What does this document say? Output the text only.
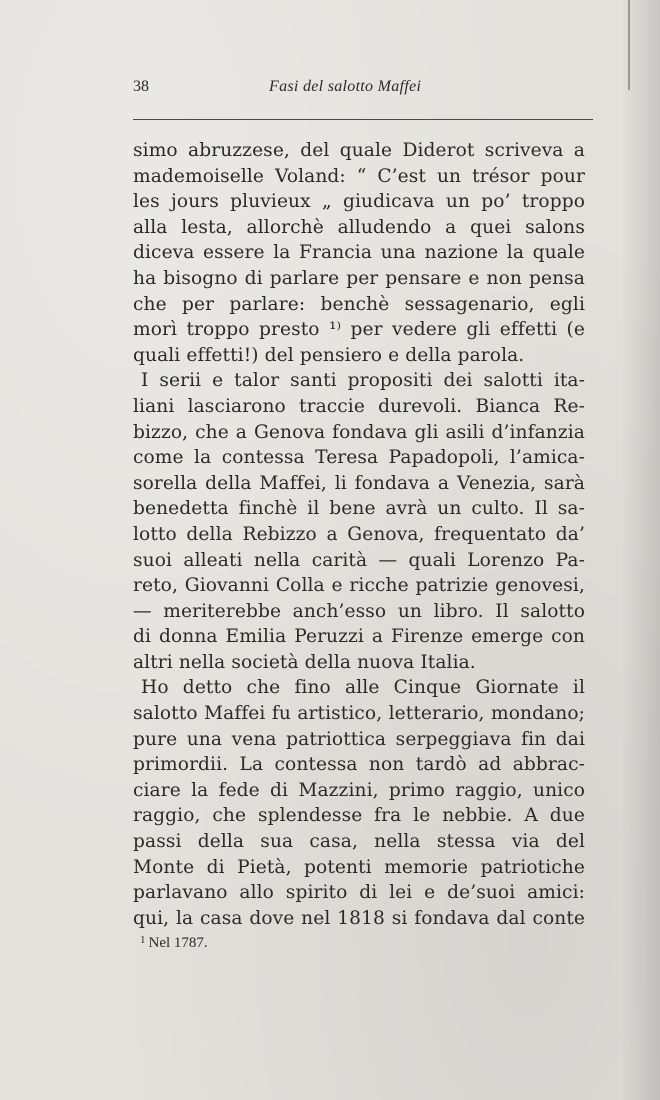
38	Fasi del salotto Maffei
simo abruzzese, del quale Diderot scriveva a
mademoiselle Voland: “ C’est un trésor pour
les jours pluvieux „ giudicava un po’ troppo
alla lesta, allorchè alludendo a quei salons
diceva essere la Francia una nazione la quale
ha bisogno di parlare per pensare e non pensa
che per parlare: benchè sessagenario, egli
morì troppo presto ¹⁾ per vedere gli effetti (e
quali effetti!) del pensiero e della parola.
I serii e talor santi propositi dei salotti ita-
liani lasciarono traccie durevoli. Bianca Re-
bizzo, che a Genova fondava gli asili d’infanzia
come la contessa Teresa Papadopoli, l’amica-
sorella della Maffei, li fondava a Venezia, sarà
benedetta finchè il bene avrà un culto. Il sa-
lotto della Rebizzo a Genova, frequentato da’
suoi alleati nella carità — quali Lorenzo Pa-
reto, Giovanni Colla e ricche patrizie genovesi,
— meriterebbe anch’esso un libro. Il salotto
di donna Emilia Peruzzi a Firenze emerge con
altri nella società della nuova Italia.
Ho detto che fino alle Cinque Giornate il
salotto Maffei fu artistico, letterario, mondano;
pure una vena patriottica serpeggiava fin dai
primordii. La contessa non tardò ad abbrac-
ciare la fede di Mazzini, primo raggio, unico
raggio, che splendesse fra le nebbie. A due
passi della sua casa, nella stessa via del
Monte di Pietà, potenti memorie patriotiche
parlavano allo spirito di lei e de’suoi amici:
qui, la casa dove nel 1818 si fondava dal conte
$^1$ Nel 1787.
